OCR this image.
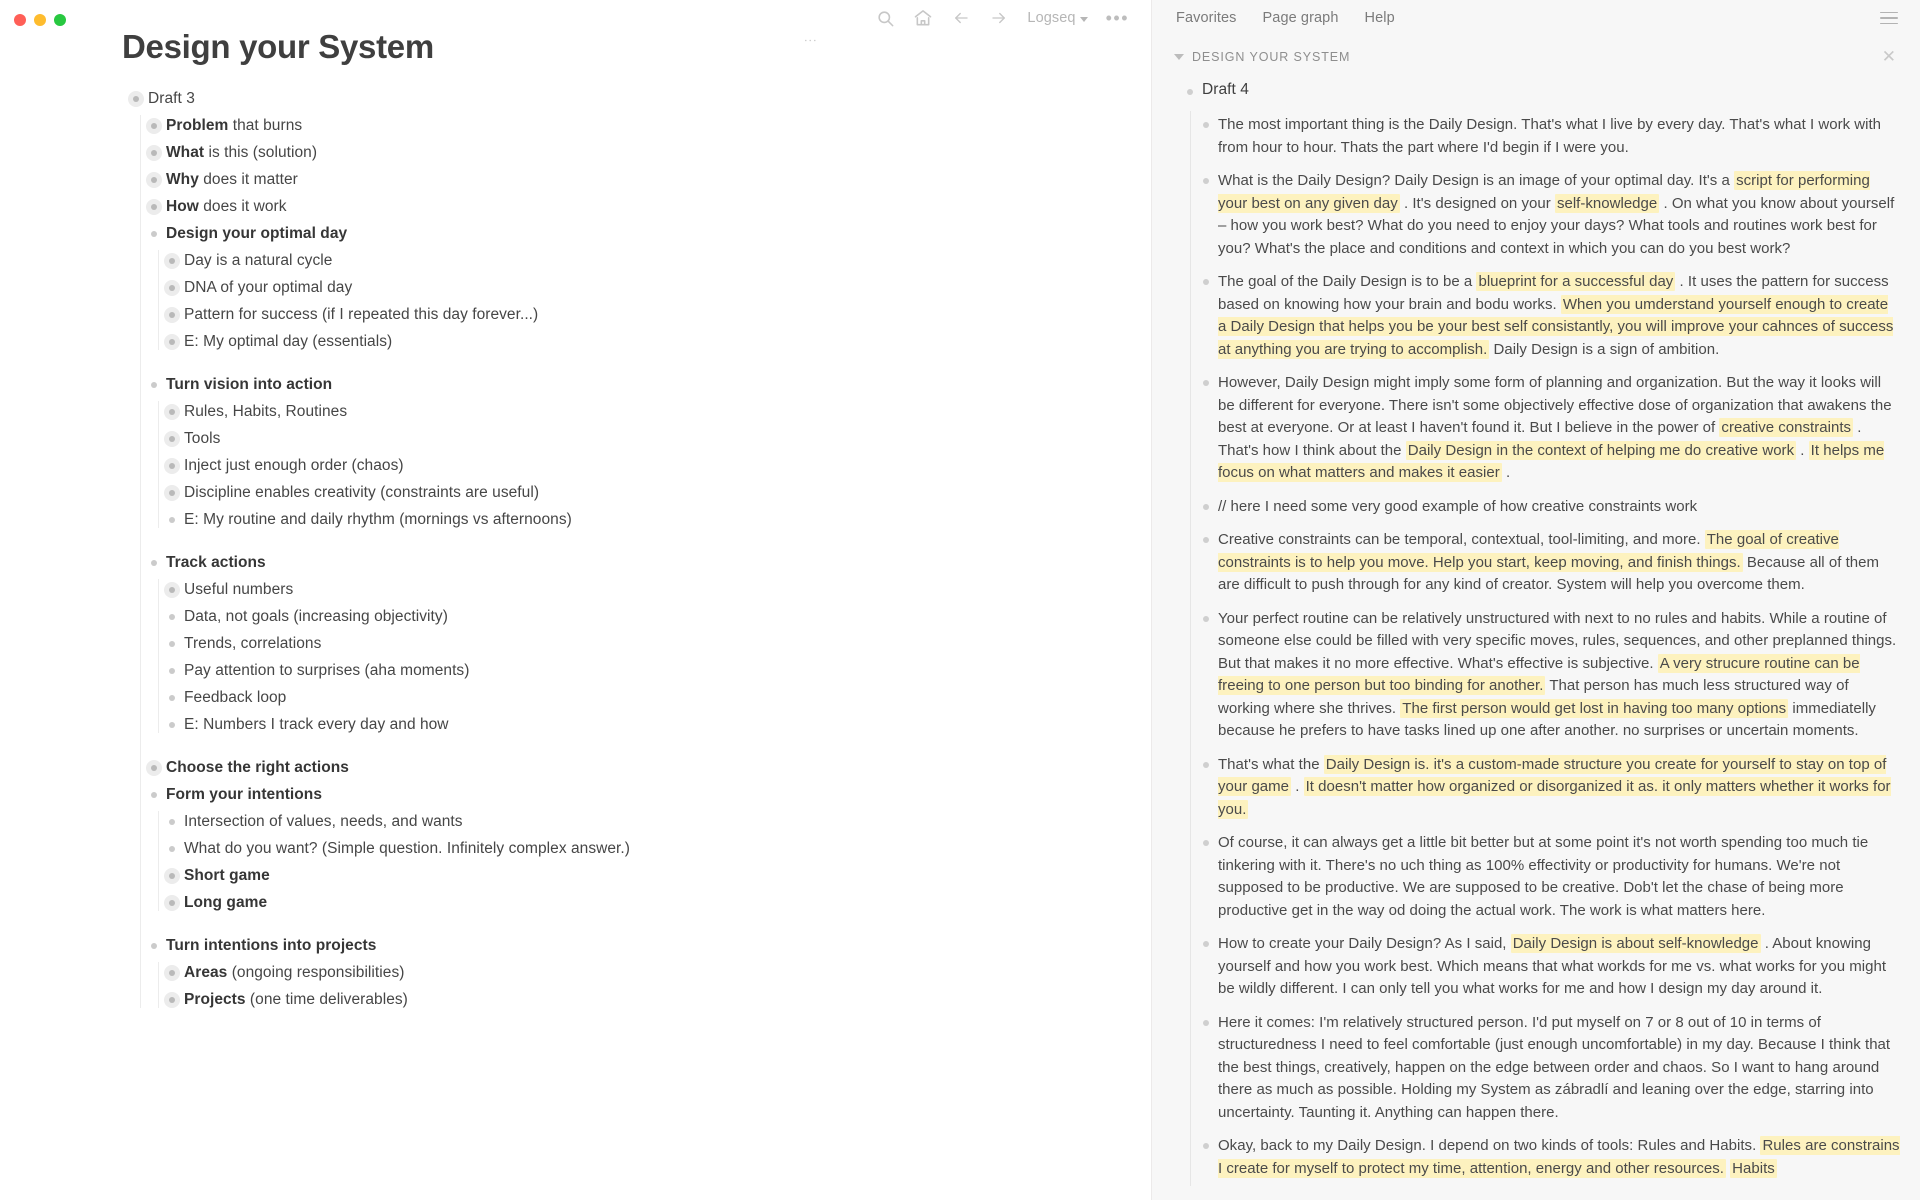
Logseq •••
⋮
Design your System
Draft 3
Problem that burns
What is this (solution)
Why does it matter
How does it work
Design your optimal day
Day is a natural cycle
DNA of your optimal day
Pattern for success (if I repeated this day forever...)
E: My optimal day (essentials)
Turn vision into action
Rules, Habits, Routines
Tools
Inject just enough order (chaos)
Discipline enables creativity (constraints are useful)
E: My routine and daily rhythm (mornings vs afternoons)
Track actions
Useful numbers
Data, not goals (increasing objectivity)
Trends, correlations
Pay attention to surprises (aha moments)
Feedback loop
E: Numbers I track every day and how
Choose the right actions
Form your intentions
Intersection of values, needs, and wants
What do you want? (Simple question. Infinitely complex answer.)
Short game
Long game
Turn intentions into projects
Areas (ongoing responsibilities)
Projects (one time deliverables)
Favorites Page graph Help
DESIGN YOUR SYSTEM	✕
Draft 4
The most important thing is the Daily Design. That's what I live by every day. That's what I work with from hour to hour. Thats the part where I'd begin if I were you.
What is the Daily Design? Daily Design is an image of your optimal day. It's a script for performing your best on any given day . It's designed on your self-knowledge . On what you know about yourself – how you work best? What do you need to enjoy your days? What tools and routines work best for you? What's the place and conditions and context in which you can do you best work?
The goal of the Daily Design is to be a blueprint for a successful day . It uses the pattern for success based on knowing how your brain and bodu works. When you umderstand yourself enough to create a Daily Design that helps you be your best self consistantly, you will improve your cahnces of success at anything you are trying to accomplish. Daily Design is a sign of ambition.
However, Daily Design might imply some form of planning and organization. But the way it looks will be different for everyone. There isn't some objectively effective dose of organization that awakens the best at everyone. Or at least I haven't found it. But I believe in the power of creative constraints . That's how I think about the Daily Design in the context of helping me do creative work . It helps me focus on what matters and makes it easier .
// here I need some very good example of how creative constraints work
Creative constraints can be temporal, contextual, tool-limiting, and more. The goal of creative constraints is to help you move. Help you start, keep moving, and finish things. Because all of them are difficult to push through for any kind of creator. System will help you overcome them.
Your perfect routine can be relatively unstructured with next to no rules and habits. While a routine of someone else could be filled with very specific moves, rules, sequences, and other preplanned things. But that makes it no more effective. What's effective is subjective. A very strucure routine can be freeing to one person but too binding for another. That person has much less structured way of working where she thrives. The first person would get lost in having too many options immediatelly because he prefers to have tasks lined up one after another. no surprises or uncertain moments.
That's what the Daily Design is. it's a custom-made structure you create for yourself to stay on top of your game . It doesn't matter how organized or disorganized it as. it only matters whether it works for you.
Of course, it can always get a little bit better but at some point it's not worth spending too much tie tinkering with it. There's no uch thing as 100% effectivity or productivity for humans. We're not supposed to be productive. We are supposed to be creative. Dob't let the chase of being more productive get in the way od doing the actual work. The work is what matters here.
How to create your Daily Design? As I said, Daily Design is about self-knowledge . About knowing yourself and how you work best. Which means that what workds for me vs. what works for you might be wildly different. I can only tell you what works for me and how I design my day around it.
Here it comes: I'm relatively structured person. I'd put myself on 7 or 8 out of 10 in terms of structuredness I need to feel comfortable (just enough uncomfortable) in my day. Because I think that the best things, creatively, happen on the edge between order and chaos. So I want to hang around there as much as possible. Holding my System as zábradlí and leaning over the edge, starring into uncertainty. Taunting it. Anything can happen there.
Okay, back to my Daily Design. I depend on two kinds of tools: Rules and Habits. Rules are constrains I create for myself to protect my time, attention, energy and other resources. Habits
